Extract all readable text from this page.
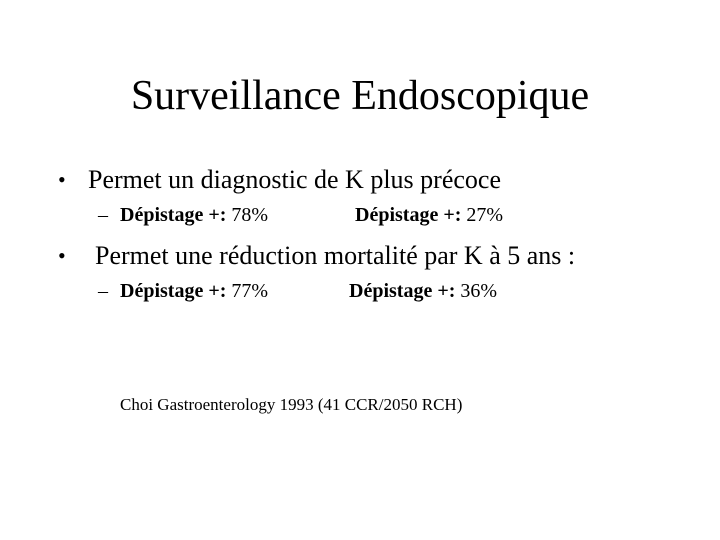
Surveillance Endoscopique
• Permet un diagnostic de K plus précoce
– Dépistage +: 78%	Dépistage +: 27%
• Permet une réduction mortalité par K à 5 ans :
– Dépistage +: 77%	Dépistage +: 36%
Choi Gastroenterology 1993 (41 CCR/2050 RCH)
